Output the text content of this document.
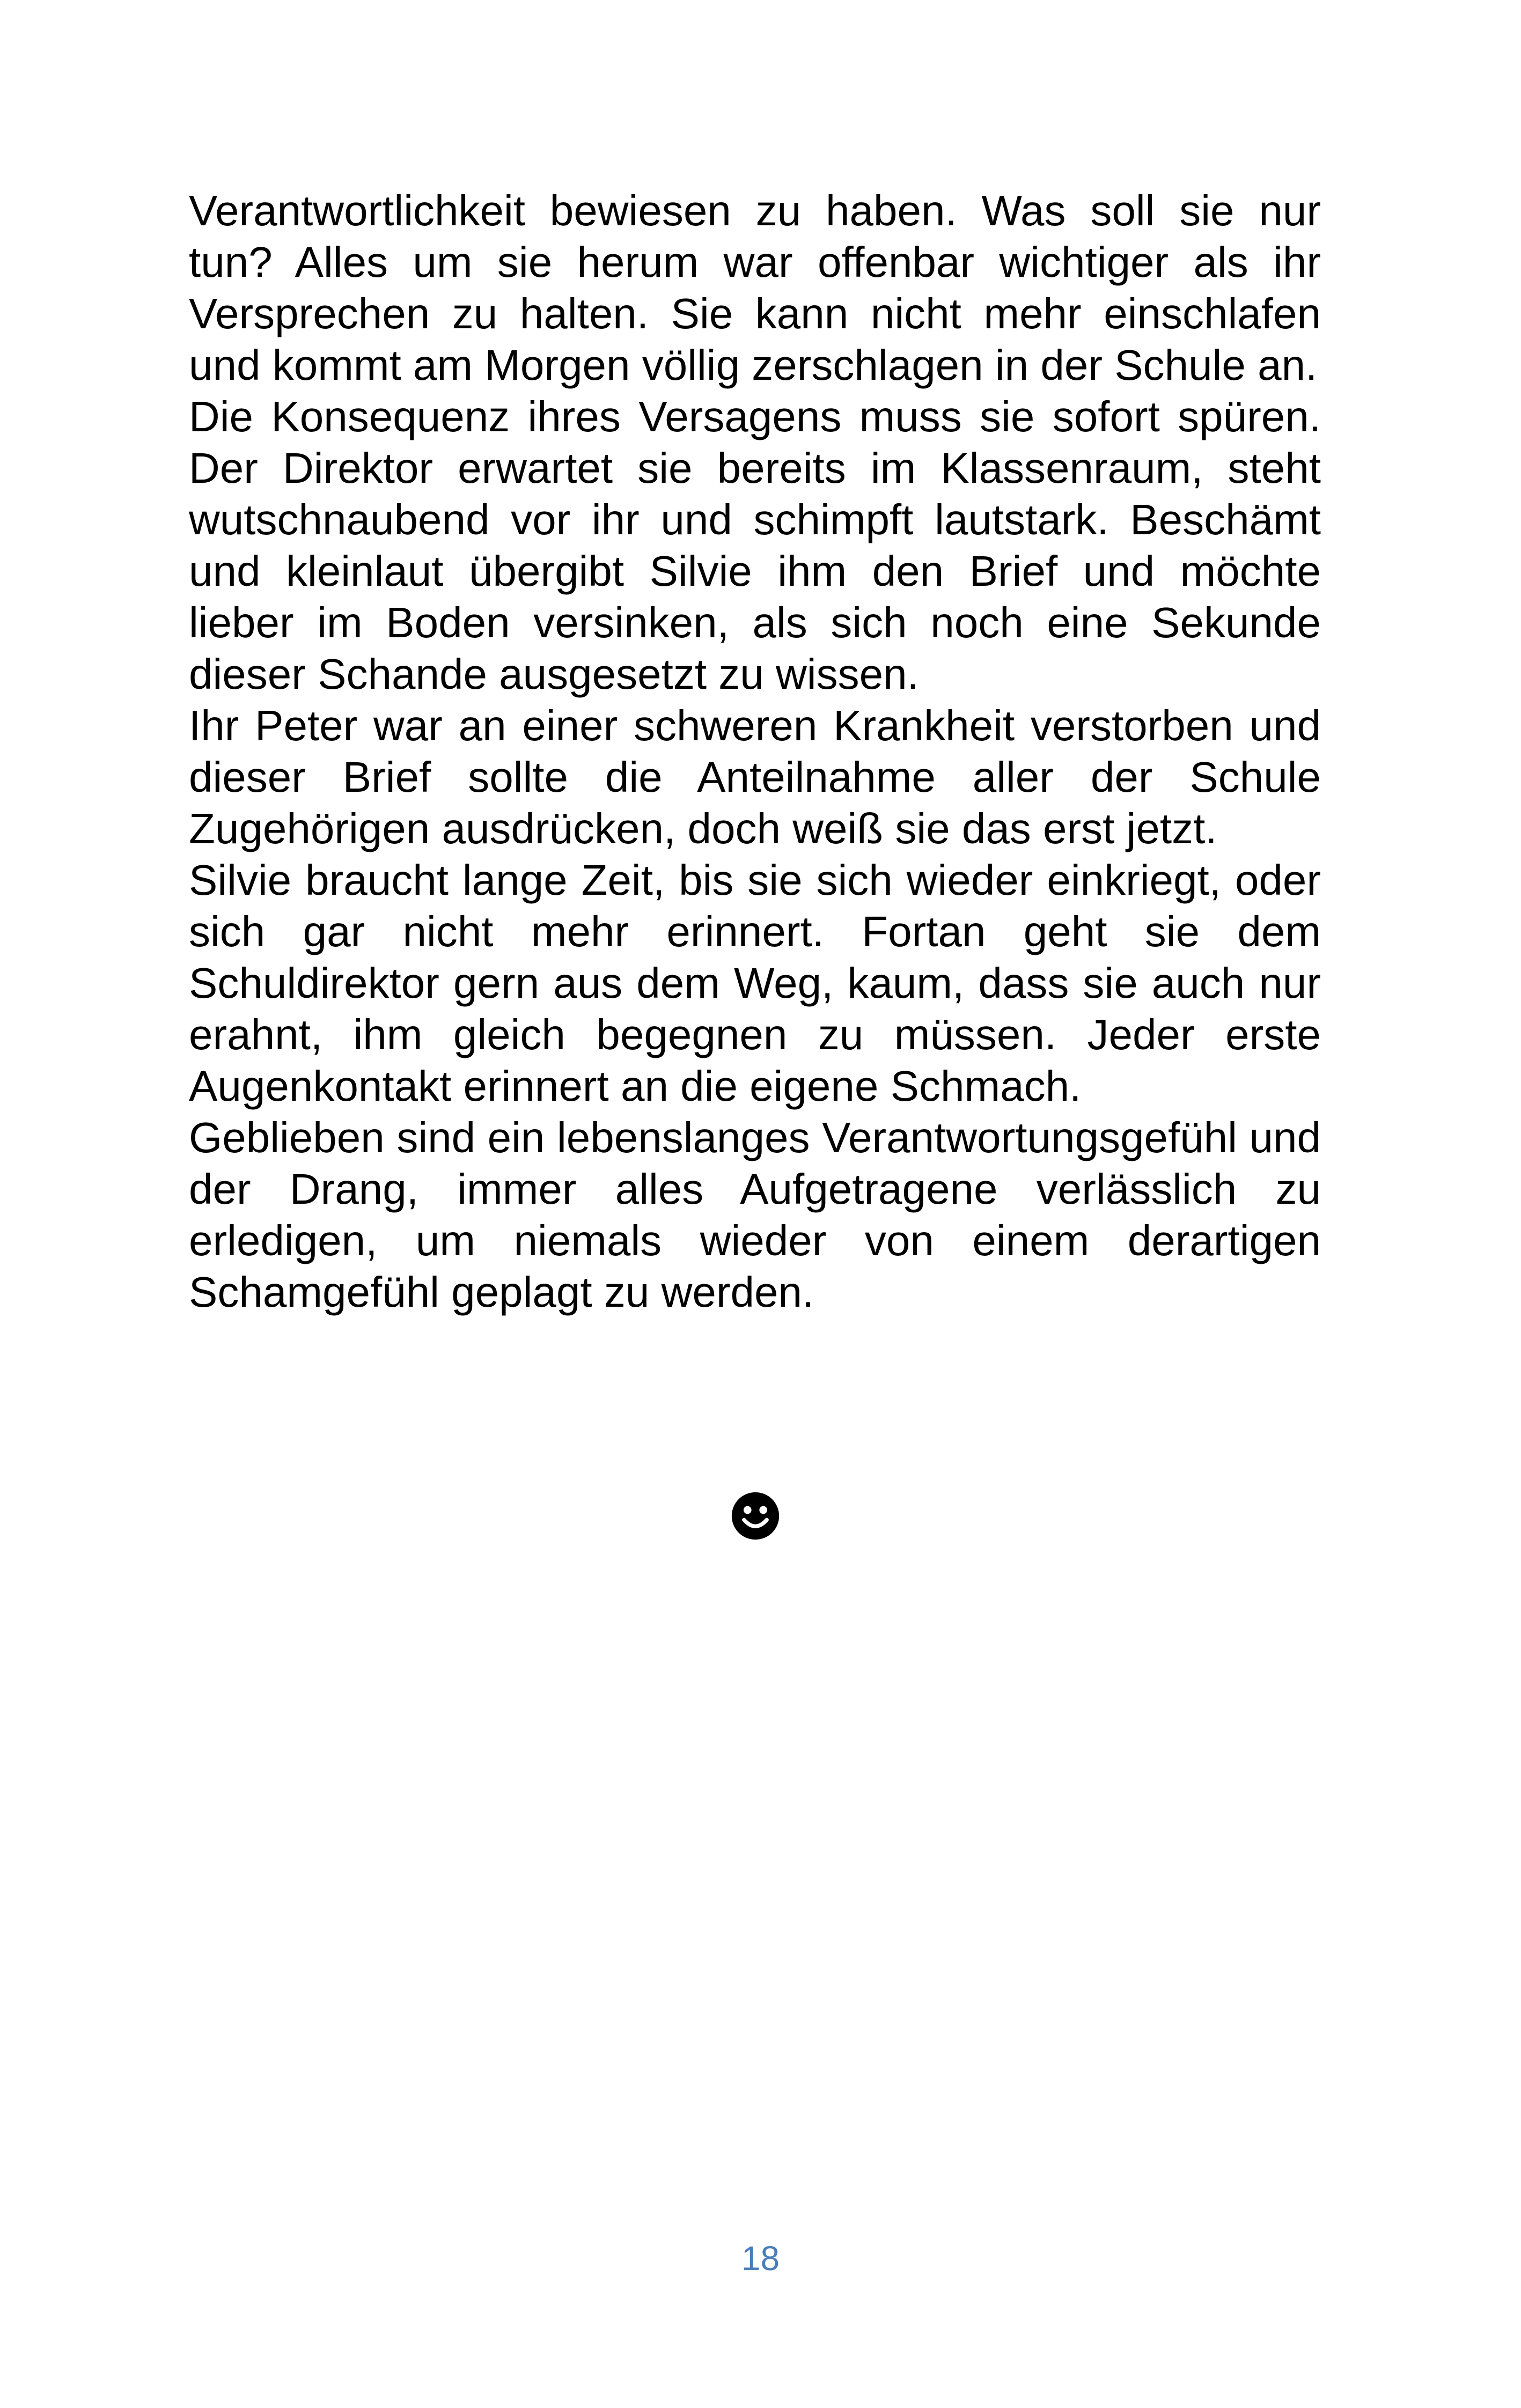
Verantwortlichkeit bewiesen zu haben. Was soll sie nur tun? Alles um sie herum war offenbar wichtiger als ihr Versprechen zu halten. Sie kann nicht mehr einschlafen und kommt am Morgen völlig zerschlagen in der Schule an.

Die Konsequenz ihres Versagens muss sie sofort spüren. Der Direktor erwartet sie bereits im Klassenraum, steht wutschnaubend vor ihr und schimpft lautstark. Beschämt und kleinlaut übergibt Silvie ihm den Brief und möchte lieber im Boden versinken, als sich noch eine Sekunde dieser Schande ausgesetzt zu wissen.

Ihr Peter war an einer schweren Krankheit verstorben und dieser Brief sollte die Anteilnahme aller der Schule Zugehörigen ausdrücken, doch weiß sie das erst jetzt.

Silvie braucht lange Zeit, bis sie sich wieder einkriegt, oder sich gar nicht mehr erinnert. Fortan geht sie dem Schuldirektor gern aus dem Weg, kaum, dass sie auch nur erahnt, ihm gleich begegnen zu müssen. Jeder erste Augenkontakt erinnert an die eigene Schmach.

Geblieben sind ein lebenslanges Verantwortungsgefühl und der Drang, immer alles Aufgetragene verlässlich zu erledigen, um niemals wieder von einem derartigen Schamgefühl geplagt zu werden.

18
